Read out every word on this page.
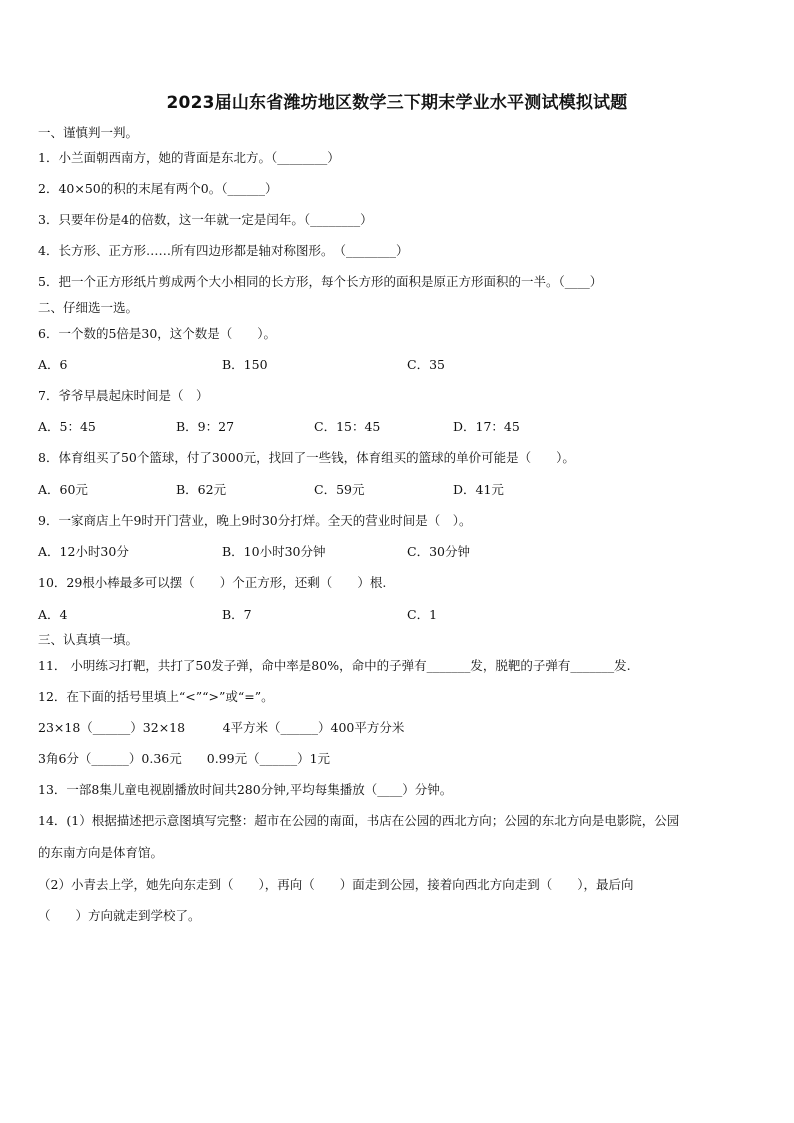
2023届山东省潍坊地区数学三下期末学业水平测试模拟试题
一、谨慎判一判。
1．小兰面朝西南方，她的背面是东北方。（________）
2．40×50的积的末尾有两个0。（______）
3．只要年份是4的倍数，这一年就一定是闰年。（________）
4．长方形、正方形……所有四边形都是轴对称图形。　（________）
5．把一个正方形纸片剪成两个大小相同的长方形，每个长方形的面积是原正方形面积的一半。（____）
二、仔细选一选。
6．一个数的5倍是30，这个数是（　　）。
A．6	B．150	C．35
7．爷爷早晨起床时间是（　）
A．5：45	B．9：27	C．15：45	D．17：45
8．体育组买了50个篮球，付了3000元，找回了一些钱，体育组买的篮球的单价可能是（　　）。
A．60元	B．62元	C．59元	D．41元
9．一家商店上午9时开门营业，晚上9时30分打烊。全天的营业时间是（　）。
A．12小时30分	B．10小时30分钟	C．30分钟
10．29根小棒最多可以摆（　　）个正方形，还剩（　　）根.
A．4	B．7	C．1
三、认真填一填。
11． 小明练习打靶，共打了50发子弹，命中率是80%，命中的子弹有_______发，脱靶的子弹有_______发.
12．在下面的括号里填上“<”“>”或“=”。
23×18（______）32×18　　　4平方米（______）400平方分米
3角6分（______）0.36元　　0.99元（______）1元
13．一部8集儿童电视剧播放时间共280分钟,平均每集播放（____）分钟。
14．(1）根据描述把示意图填写完整：超市在公园的南面，书店在公园的西北方向；公园的东北方向是电影院，公园
的东南方向是体育馆。
（2）小青去上学，她先向东走到（　　），再向（　　）面走到公园，接着向西北方向走到（　　），最后向
（　　）方向就走到学校了。
